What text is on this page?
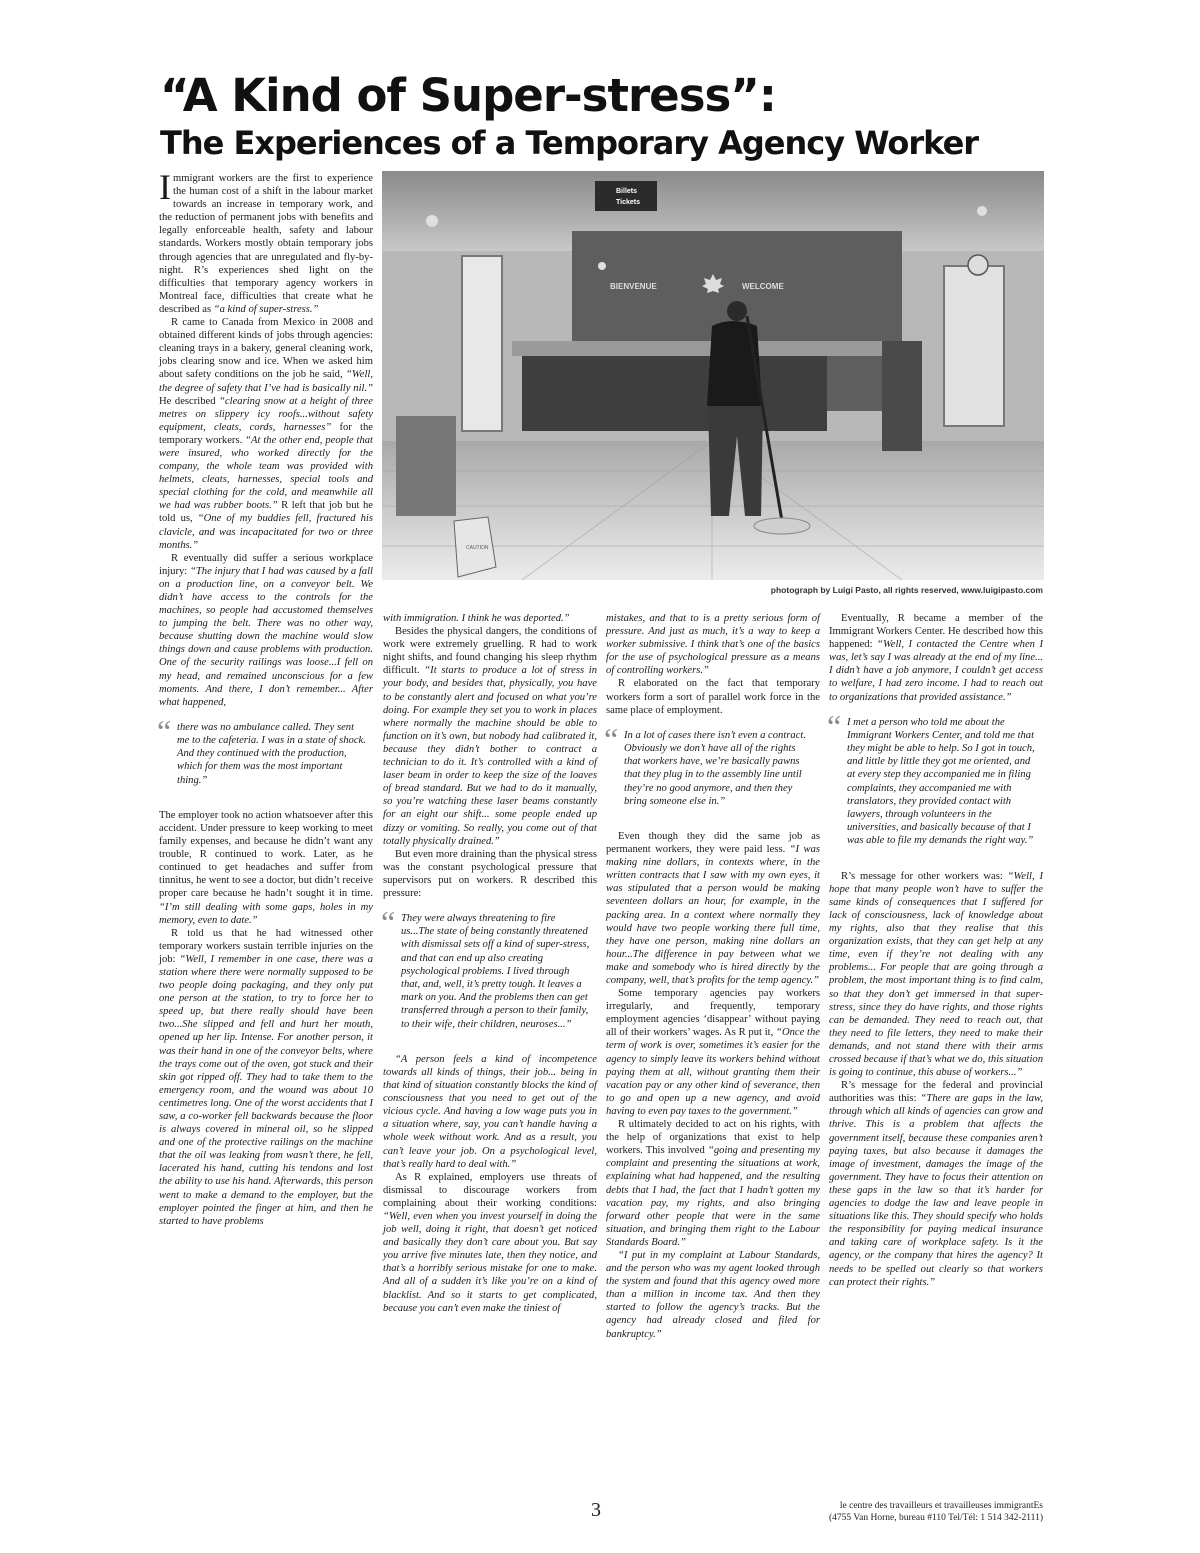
“A Kind of Super-stress”:
The Experiences of a Temporary Agency Worker

Immigrant workers are the first to experience the human cost of a shift in the labour market towards an increase in temporary work, and the reduction of permanent jobs with benefits and legally enforceable health, safety and labour standards. Workers mostly obtain temporary jobs through agencies that are unregulated and fly-by-night. R’s experiences shed light on the difficulties that temporary agency workers in Montreal face, difficulties that create what he described as “a kind of super-stress.”

R came to Canada from Mexico in 2008 and obtained different kinds of jobs through agencies: cleaning trays in a bakery, general cleaning work, jobs clearing snow and ice. When we asked him about safety conditions on the job he said, “Well, the degree of safety that I’ve had is basically nil.” He described “clearing snow at a height of three metres on slippery icy roofs...without safety equipment, cleats, cords, harnesses” for the temporary workers. “At the other end, people that were insured, who worked directly for the company, the whole team was provided with helmets, cleats, harnesses, special tools and special clothing for the cold, and meanwhile all we had was rubber boots.” R left that job but he told us, “One of my buddies fell, fractured his clavicle, and was incapacitated for two or three months.”

R eventually did suffer a serious workplace injury: “The injury that I had was caused by a fall on a production line, on a conveyor belt. We didn’t have access to the controls for the machines, so people had accustomed themselves to jumping the belt. There was no other way, because shutting down the machine would slow things down and cause problems with production. One of the security railings was loose...I fell on my head, and remained unconscious for a few moments. And there, I don’t remember... After what happened,

“ there was no ambulance called. They sent me to the cafeteria. I was in a state of shock. And they continued with the production, which for them was the most important thing.”

The employer took no action whatsoever after this accident. Under pressure to keep working to meet family expenses, and because he didn’t want any trouble, R continued to work. Later, as he continued to get headaches and suffer from tinnitus, he went to see a doctor, but didn’t receive proper care because he hadn’t sought it in time. “I’m still dealing with some gaps, holes in my memory, even to date.”

R told us that he had witnessed other temporary workers sustain terrible injuries on the job: “Well, I remember in one case, there was a station where there were normally supposed to be two people doing packaging, and they only put one person at the station, to try to force her to speed up, but there really should have been two...She slipped and fell and hurt her mouth, opened up her lip. Intense. For another person, it was their hand in one of the conveyor belts, where the trays come out of the oven, got stuck and their skin got ripped off. They had to take them to the emergency room, and the wound was about 10 centimetres long. One of the worst accidents that I saw, a co-worker fell backwards because the floor is always covered in mineral oil, so he slipped and one of the protective railings on the machine that the oil was leaking from wasn’t there, he fell, lacerated his hand, cutting his tendons and lost the ability to use his hand. Afterwards, this person went to make a demand to the employer, but the employer pointed the finger at him, and then he started to have problems

Billets
Tickets
BIENVENUE	WELCOME
CAUTION
photograph by Luigi Pasto, all rights reserved, www.luigipasto.com

with immigration. I think he was deported.”

Besides the physical dangers, the conditions of work were extremely gruelling. R had to work night shifts, and found changing his sleep rhythm difficult. “It starts to produce a lot of stress in your body, and besides that, physically, you have to be constantly alert and focused on what you’re doing. For example they set you to work in places where normally the machine should be able to function on it’s own, but nobody had calibrated it, because they didn’t bother to contract a technician to do it. It’s controlled with a kind of laser beam in order to keep the size of the loaves of bread standard. But we had to do it manually, so you’re watching these laser beams constantly for an eight our shift... some people ended up dizzy or vomiting. So really, you come out of that totally physically drained.”

But even more draining than the physical stress was the constant psychological pressure that supervisors put on workers. R described this pressure:

“ They were always threatening to fire us...The state of being constantly threatened with dismissal sets off a kind of super-stress, and that can end up also creating psychological problems. I lived through that, and, well, it’s pretty tough. It leaves a mark on you. And the problems then can get transferred through a person to their family, to their wife, their children, neuroses...”

“A person feels a kind of incompetence towards all kinds of things, their job... being in that kind of situation constantly blocks the kind of consciousness that you need to get out of the vicious cycle. And having a low wage puts you in a situation where, say, you can’t handle having a whole week without work. And as a result, you can’t leave your job. On a psychological level, that’s really hard to deal with.”

As R explained, employers use threats of dismissal to discourage workers from complaining about their working conditions: “Well, even when you invest yourself in doing the job well, doing it right, that doesn’t get noticed and basically they don’t care about you. But say you arrive five minutes late, then they notice, and that’s a horribly serious mistake for one to make. And all of a sudden it’s like you’re on a kind of blacklist. And so it starts to get complicated, because you can’t even make the tiniest of

mistakes, and that to is a pretty serious form of pressure. And just as much, it’s a way to keep a worker submissive. I think that’s one of the basics for the use of psychological pressure as a means of controlling workers.”

R elaborated on the fact that temporary workers form a sort of parallel work force in the same place of employment.

“ In a lot of cases there isn’t even a contract. Obviously we don’t have all of the rights that workers have, we’re basically pawns that they plug in to the assembly line until they’re no good anymore, and then they bring someone else in.”

Even though they did the same job as permanent workers, they were paid less. “I was making nine dollars, in contexts where, in the written contracts that I saw with my own eyes, it was stipulated that a person would be making seventeen dollars an hour, for example, in the packing area. In a context where normally they would have two people working there full time, they have one person, making nine dollars an hour...The difference in pay between what we make and somebody who is hired directly by the company, well, that’s profits for the temp agency.”

Some temporary agencies pay workers irregularly, and frequently, temporary employment agencies ‘disappear’ without paying all of their workers’ wages. As R put it, “Once the term of work is over, sometimes it’s easier for the agency to simply leave its workers behind without paying them at all, without granting them their vacation pay or any other kind of severance, then to go and open up a new agency, and avoid having to even pay taxes to the government.”

R ultimately decided to act on his rights, with the help of organizations that exist to help workers. This involved “going and presenting my complaint and presenting the situations at work, explaining what had happened, and the resulting debts that I had, the fact that I hadn’t gotten my vacation pay, my rights, and also bringing forward other people that were in the same situation, and bringing them right to the Labour Standards Board.”

“I put in my complaint at Labour Standards, and the person who was my agent looked through the system and found that this agency owed more than a million in income tax. And then they started to follow the agency’s tracks. But the agency had already closed and filed for bankruptcy.”

Eventually, R became a member of the Immigrant Workers Center. He described how this happened: “Well, I contacted the Centre when I was, let’s say I was already at the end of my line... I didn’t have a job anymore, I couldn’t get access to welfare, I had zero income. I had to reach out to organizations that provided assistance.”

“ I met a person who told me about the Immigrant Workers Center, and told me that they might be able to help. So I got in touch, and little by little they got me oriented, and at every step they accompanied me in filing complaints, they accompanied me with translators, they provided contact with lawyers, through volunteers in the universities, and basically because of that I was able to file my demands the right way.”

R’s message for other workers was: “Well, I hope that many people won’t have to suffer the same kinds of consequences that I suffered for lack of consciousness, lack of knowledge about my rights, also that they realise that this organization exists, that they can get help at any time, even if they’re not dealing with any problems... For people that are going through a problem, the most important thing is to find calm, so that they don’t get immersed in that super-stress, since they do have rights, and those rights can be demanded. They need to reach out, that they need to file letters, they need to make their demands, and not stand there with their arms crossed because if that’s what we do, this situation is going to continue, this abuse of workers...”

R’s message for the federal and provincial authorities was this: “There are gaps in the law, through which all kinds of agencies can grow and thrive. This is a problem that affects the government itself, because these companies aren’t paying taxes, but also because it damages the image of investment, damages the image of the government. They have to focus their attention on these gaps in the law so that it’s harder for agencies to dodge the law and leave people in situations like this. They should specify who holds the responsibility for paying medical insurance and taking care of workplace safety. Is it the agency, or the company that hires the agency? It needs to be spelled out clearly so that workers can protect their rights.”

3	le centre des travailleurs et travailleuses immigrantEs
(4755 Van Horne, bureau #110 Tel/Tél: 1 514 342-2111)
